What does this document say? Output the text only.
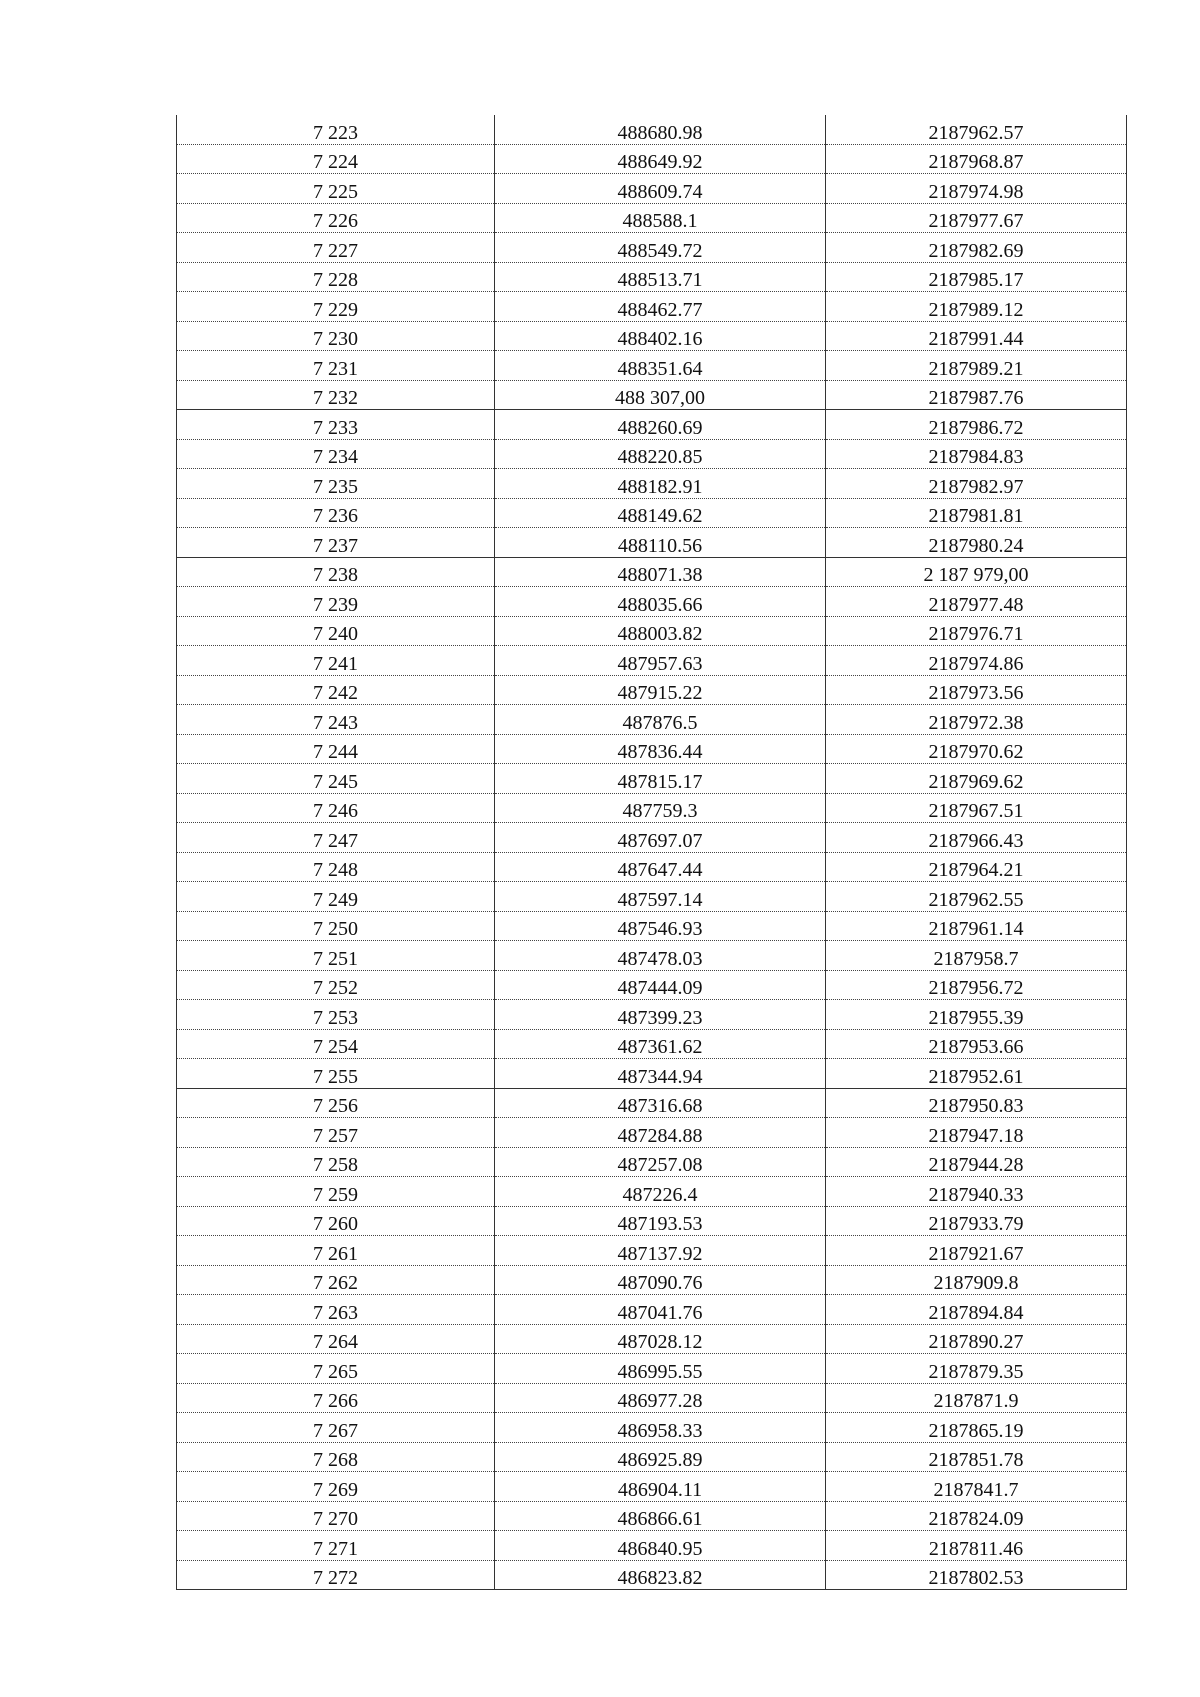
7 223	488680.98	2187962.57
7 224	488649.92	2187968.87
7 225	488609.74	2187974.98
7 226	488588.1	2187977.67
7 227	488549.72	2187982.69
7 228	488513.71	2187985.17
7 229	488462.77	2187989.12
7 230	488402.16	2187991.44
7 231	488351.64	2187989.21
7 232	488 307,00	2187987.76
7 233	488260.69	2187986.72
7 234	488220.85	2187984.83
7 235	488182.91	2187982.97
7 236	488149.62	2187981.81
7 237	488110.56	2187980.24
7 238	488071.38	2 187 979,00
7 239	488035.66	2187977.48
7 240	488003.82	2187976.71
7 241	487957.63	2187974.86
7 242	487915.22	2187973.56
7 243	487876.5	2187972.38
7 244	487836.44	2187970.62
7 245	487815.17	2187969.62
7 246	487759.3	2187967.51
7 247	487697.07	2187966.43
7 248	487647.44	2187964.21
7 249	487597.14	2187962.55
7 250	487546.93	2187961.14
7 251	487478.03	2187958.7
7 252	487444.09	2187956.72
7 253	487399.23	2187955.39
7 254	487361.62	2187953.66
7 255	487344.94	2187952.61
7 256	487316.68	2187950.83
7 257	487284.88	2187947.18
7 258	487257.08	2187944.28
7 259	487226.4	2187940.33
7 260	487193.53	2187933.79
7 261	487137.92	2187921.67
7 262	487090.76	2187909.8
7 263	487041.76	2187894.84
7 264	487028.12	2187890.27
7 265	486995.55	2187879.35
7 266	486977.28	2187871.9
7 267	486958.33	2187865.19
7 268	486925.89	2187851.78
7 269	486904.11	2187841.7
7 270	486866.61	2187824.09
7 271	486840.95	2187811.46
7 272	486823.82	2187802.53
